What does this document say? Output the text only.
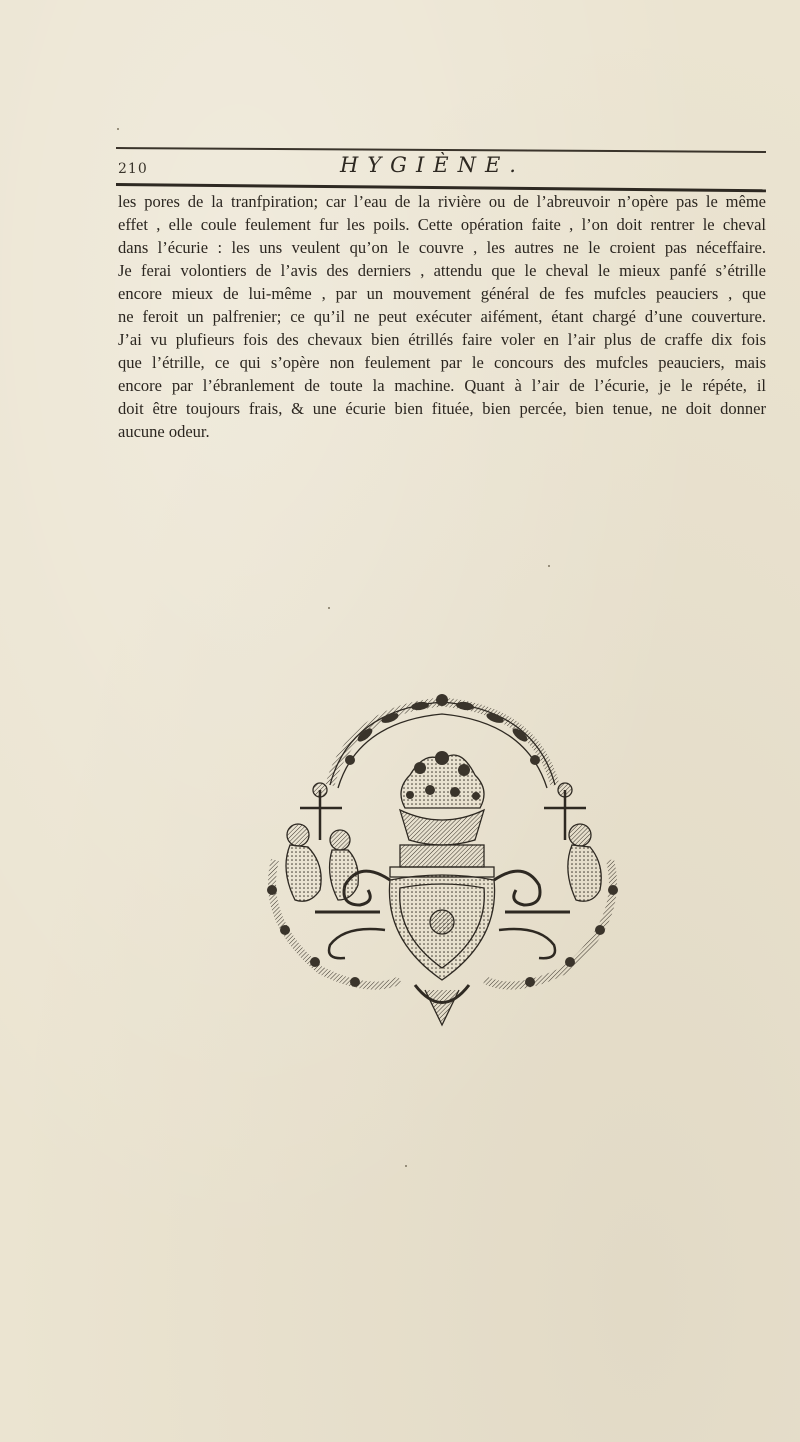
210	HYGIÈNE.
les pores de la tranfpiration; car l’eau de la rivière ou de l’abreuvoir n’opère pas le même
effet , elle coule feulement fur les poils. Cette opération faite , l’on doit rentrer le cheval
dans l’écurie : les uns veulent qu’on le couvre , les autres ne le croient pas néceffaire.
Je ferai volontiers de l’avis des derniers , attendu que le cheval le mieux panfé s’étrille
encore mieux de lui-même , par un mouvement général de fes mufcles peauciers , que
ne feroit un palfrenier; ce qu’il ne peut exécuter aifément, étant chargé d’une couverture.
J’ai vu plufieurs fois des chevaux bien étrillés faire voler en l’air plus de craffe dix fois
que l’étrille, ce qui s’opère non feulement par le concours des mufcles peauciers, mais
encore par l’ébranlement de toute la machine. Quant à l’air de l’écurie, je le répéte, il
doit être toujours frais, & une écurie bien fituée, bien percée, bien tenue, ne doit donner
aucune odeur.
